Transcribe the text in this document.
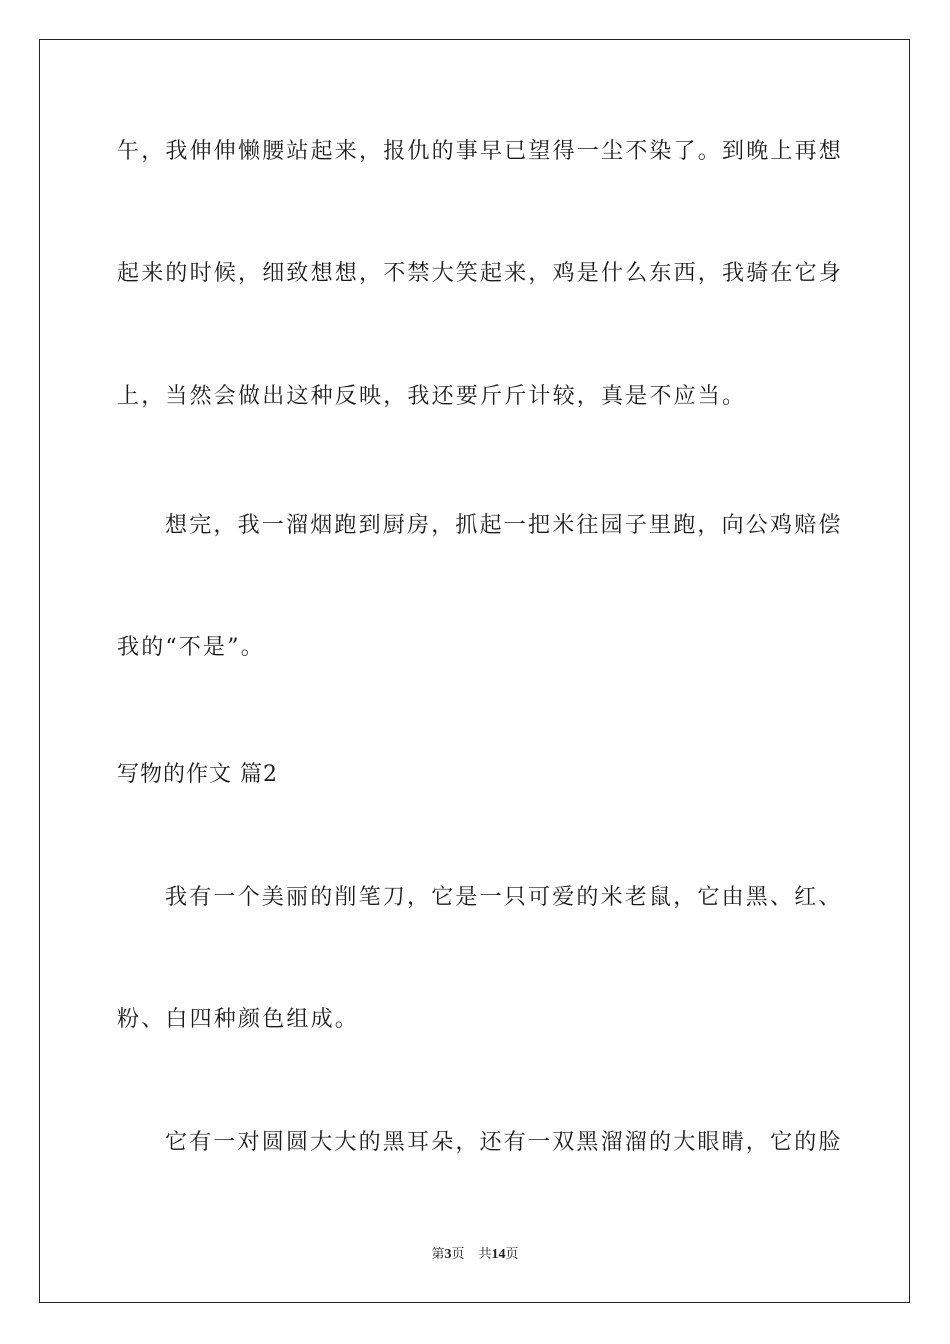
午，我伸伸懒腰站起来，报仇的事早已望得一尘不染了。到晚上再想
起来的时候，细致想想，不禁大笑起来，鸡是什么东西，我骑在它身
上，当然会做出这种反映，我还要斤斤计较，真是不应当。
想完，我一溜烟跑到厨房，抓起一把米往园子里跑，向公鸡赔偿
我的“不是”。
写物的作文 篇2
我有一个美丽的削笔刀，它是一只可爱的米老鼠，它由黑、红、
粉、白四种颜色组成。
它有一对圆圆大大的黑耳朵，还有一双黑溜溜的大眼睛，它的脸
第3页 共14页
